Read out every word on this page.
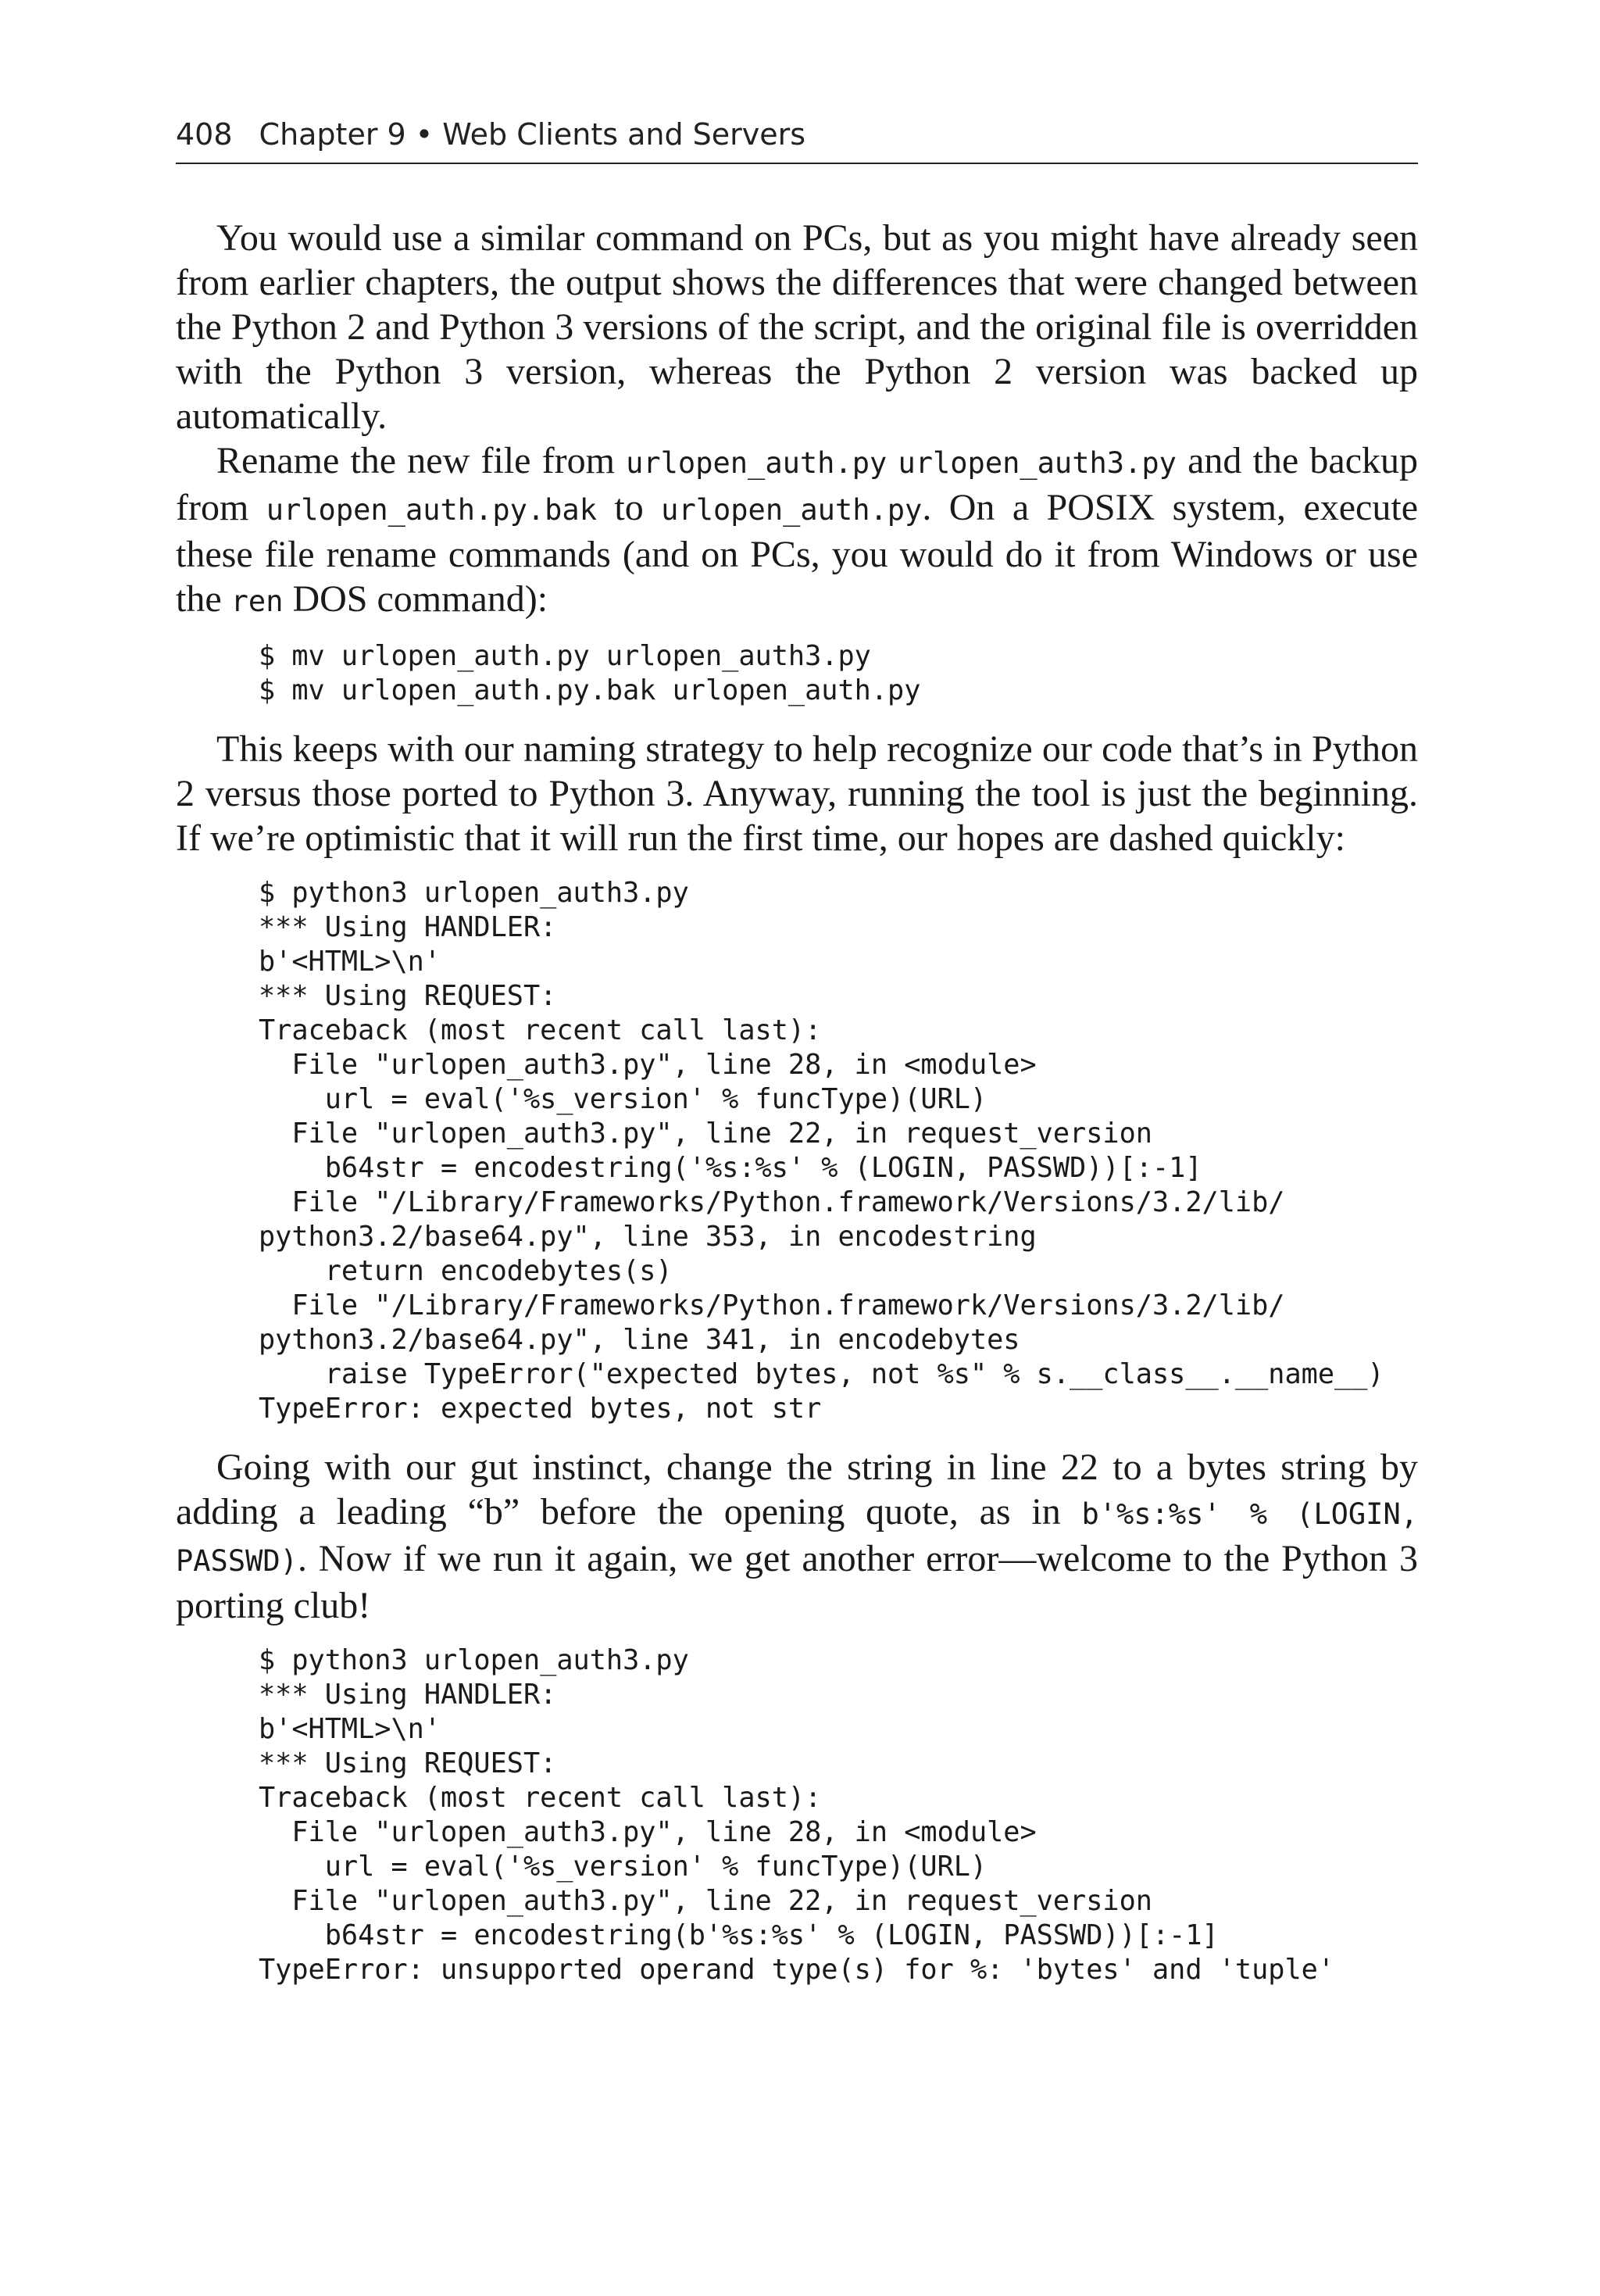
408 Chapter 9 • Web Clients and Servers

You would use a similar command on PCs, but as you might have already seen from earlier chapters, the output shows the differences that were changed between the Python 2 and Python 3 versions of the script, and the original file is overridden with the Python 3 version, whereas the Python 2 version was backed up automatically.

Rename the new file from urlopen_auth.py urlopen_auth3.py and the backup from urlopen_auth.py.bak to urlopen_auth.py. On a POSIX system, execute these file rename commands (and on PCs, you would do it from Windows or use the ren DOS command):

$ mv urlopen_auth.py urlopen_auth3.py
$ mv urlopen_auth.py.bak urlopen_auth.py

This keeps with our naming strategy to help recognize our code that’s in Python 2 versus those ported to Python 3. Anyway, running the tool is just the beginning. If we’re optimistic that it will run the first time, our hopes are dashed quickly:

$ python3 urlopen_auth3.py
*** Using HANDLER:
b'<HTML>\n'
*** Using REQUEST:
Traceback (most recent call last):
File "urlopen_auth3.py", line 28, in <module>
url = eval('%s_version' % funcType)(URL)
File "urlopen_auth3.py", line 22, in request_version
b64str = encodestring('%s:%s' % (LOGIN, PASSWD))[:-1]
File "/Library/Frameworks/Python.framework/Versions/3.2/lib/
python3.2/base64.py", line 353, in encodestring
return encodebytes(s)
File "/Library/Frameworks/Python.framework/Versions/3.2/lib/
python3.2/base64.py", line 341, in encodebytes
raise TypeError("expected bytes, not %s" % s.__class__.__name__)
TypeError: expected bytes, not str

Going with our gut instinct, change the string in line 22 to a bytes string by adding a leading “b” before the opening quote, as in b'%s:%s' % (LOGIN, PASSWD). Now if we run it again, we get another error—welcome to the Python 3 porting club!

$ python3 urlopen_auth3.py
*** Using HANDLER:
b'<HTML>\n'
*** Using REQUEST:
Traceback (most recent call last):
File "urlopen_auth3.py", line 28, in <module>
url = eval('%s_version' % funcType)(URL)
File "urlopen_auth3.py", line 22, in request_version
b64str = encodestring(b'%s:%s' % (LOGIN, PASSWD))[:-1]
TypeError: unsupported operand type(s) for %: 'bytes' and 'tuple'
